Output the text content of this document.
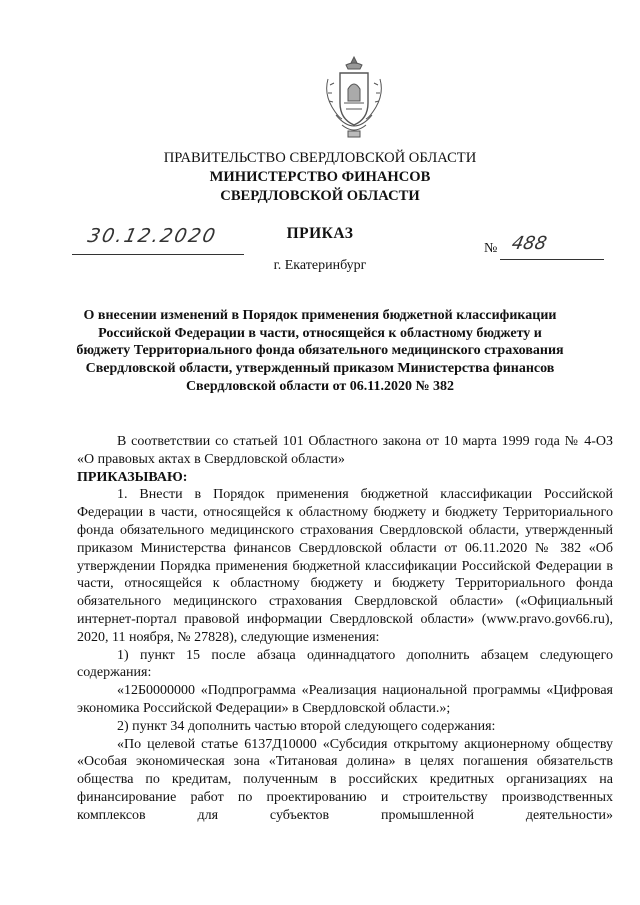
ПРАВИТЕЛЬСТВО СВЕРДЛОВСКОЙ ОБЛАСТИ
МИНИСТЕРСТВО ФИНАНСОВ
СВЕРДЛОВСКОЙ ОБЛАСТИ
ПРИКАЗ
30.12.2020
№ 488
г. Екатеринбург
О внесении изменений в Порядок применения бюджетной классификации Российской Федерации в части, относящейся к областному бюджету и бюджету Территориального фонда обязательного медицинского страхования Свердловской области, утвержденный приказом Министерства финансов Свердловской области от 06.11.2020 № 382

В соответствии со статьей 101 Областного закона от 10 марта 1999 года № 4-ОЗ «О правовых актах в Свердловской области»

ПРИКАЗЫВАЮ:

1. Внести в Порядок применения бюджетной классификации Российской Федерации в части, относящейся к областному бюджету и бюджету Территориального фонда обязательного медицинского страхования Свердловской области, утвержденный приказом Министерства финансов Свердловской области от 06.11.2020 № 382 «Об утверждении Порядка применения бюджетной классификации Российской Федерации в части, относящейся к областному бюджету и бюджету Территориального фонда обязательного медицинского страхования Свердловской области» («Официальный интернет-портал правовой информации Свердловской области» (www.pravo.gov66.ru), 2020, 11 ноября, № 27828), следующие изменения:

1) пункт 15 после абзаца одиннадцатого дополнить абзацем следующего содержания:

«12Б0000000 «Подпрограмма «Реализация национальной программы «Цифровая экономика Российской Федерации» в Свердловской области.»;

2) пункт 34 дополнить частью второй следующего содержания:

«По целевой статье 6137Д10000 «Субсидия открытому акционерному обществу «Особая экономическая зона «Титановая долина» в целях погашения обязательств общества по кредитам, полученным в российских кредитных организациях на финансирование работ по проектированию и строительству производственных комплексов для субъектов промышленной деятельности»
